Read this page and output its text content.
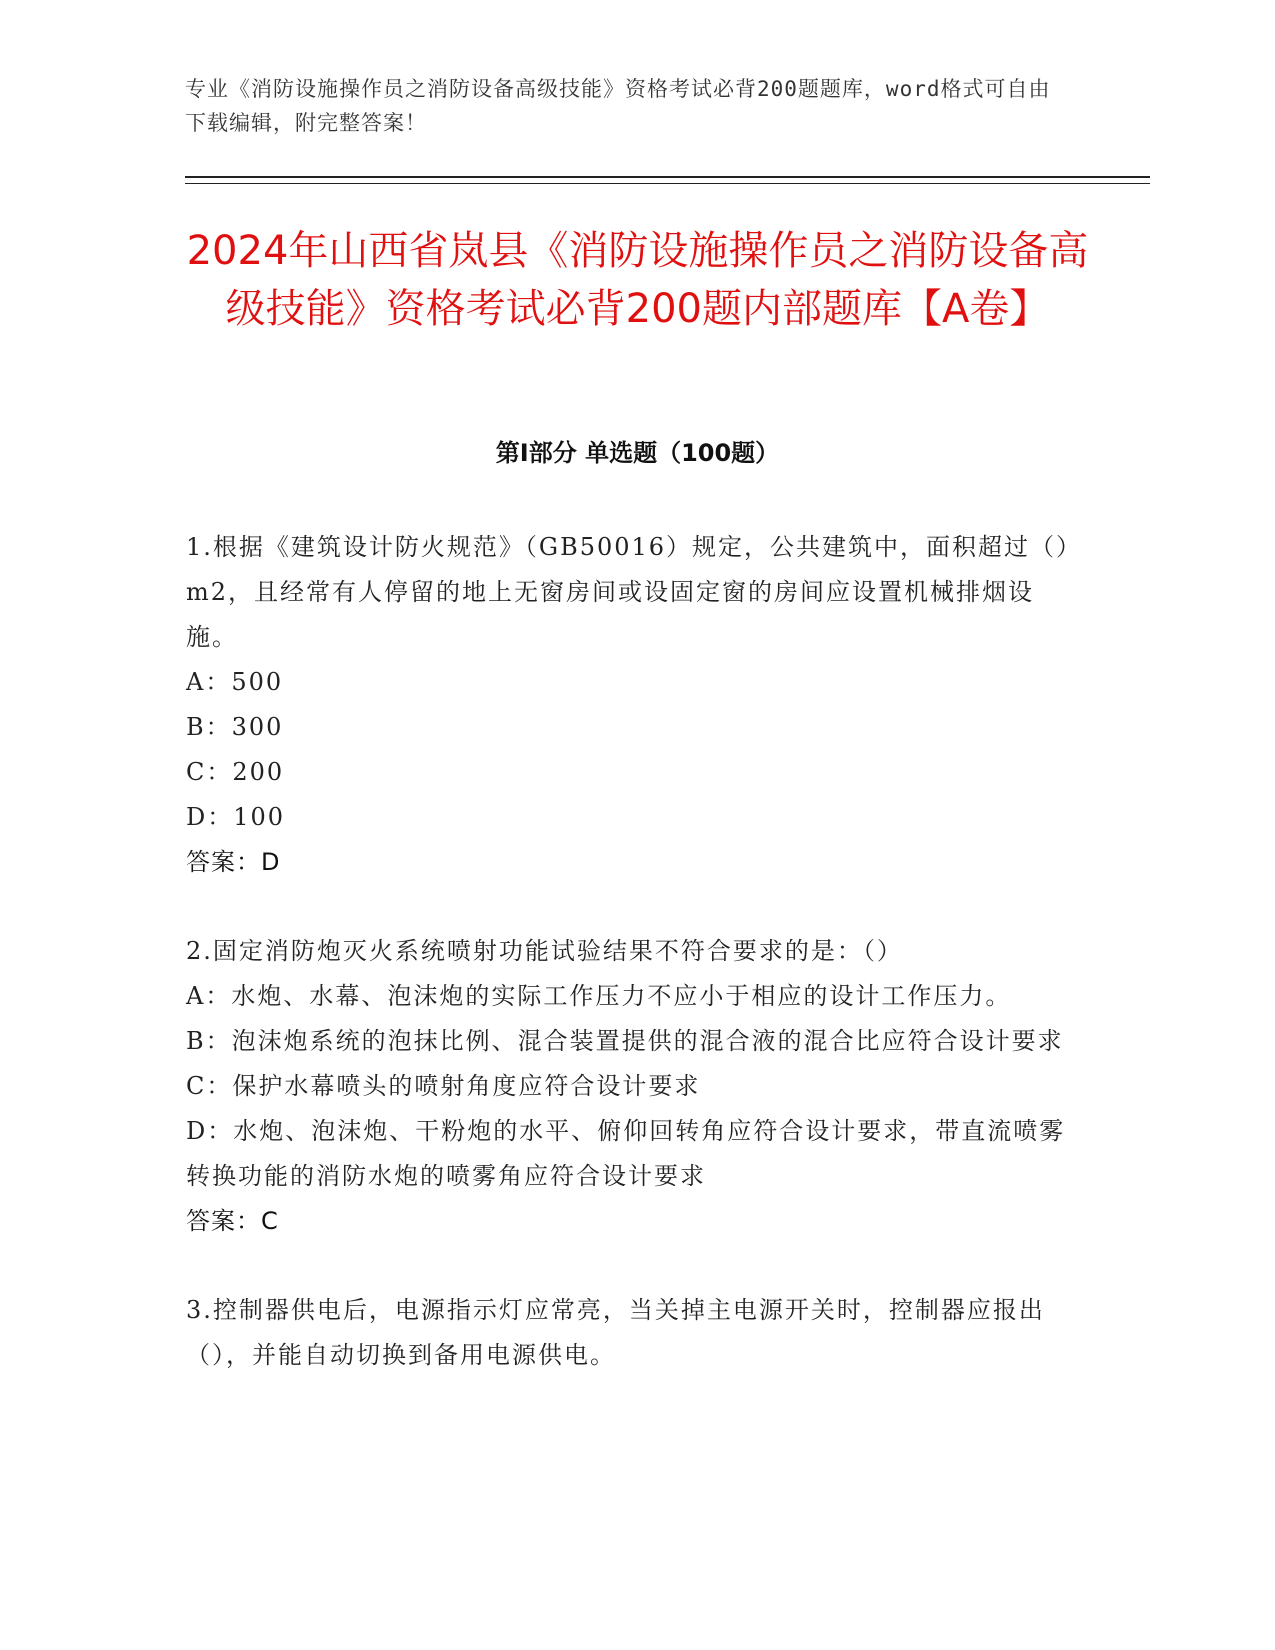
专业《消防设施操作员之消防设备高级技能》资格考试必背200题题库，word格式可自由下载编辑，附完整答案！
2024年山西省岚县《消防设施操作员之消防设备高级技能》资格考试必背200题内部题库【A卷】
第I部分 单选题（100题）

1.根据《建筑设计防火规范》（GB50016）规定，公共建筑中，面积超过（）m2，且经常有人停留的地上无窗房间或设固定窗的房间应设置机械排烟设施。

A：500

B：300

C：200

D：100

答案：D

2.固定消防炮灭火系统喷射功能试验结果不符合要求的是：（）

A：水炮、水幕、泡沫炮的实际工作压力不应小于相应的设计工作压力。

B：泡沫炮系统的泡抹比例、混合装置提供的混合液的混合比应符合设计要求

C：保护水幕喷头的喷射角度应符合设计要求

D：水炮、泡沫炮、干粉炮的水平、俯仰回转角应符合设计要求，带直流喷雾转换功能的消防水炮的喷雾角应符合设计要求

答案：C

3.控制器供电后，电源指示灯应常亮，当关掉主电源开关时，控制器应报出（），并能自动切换到备用电源供电。
